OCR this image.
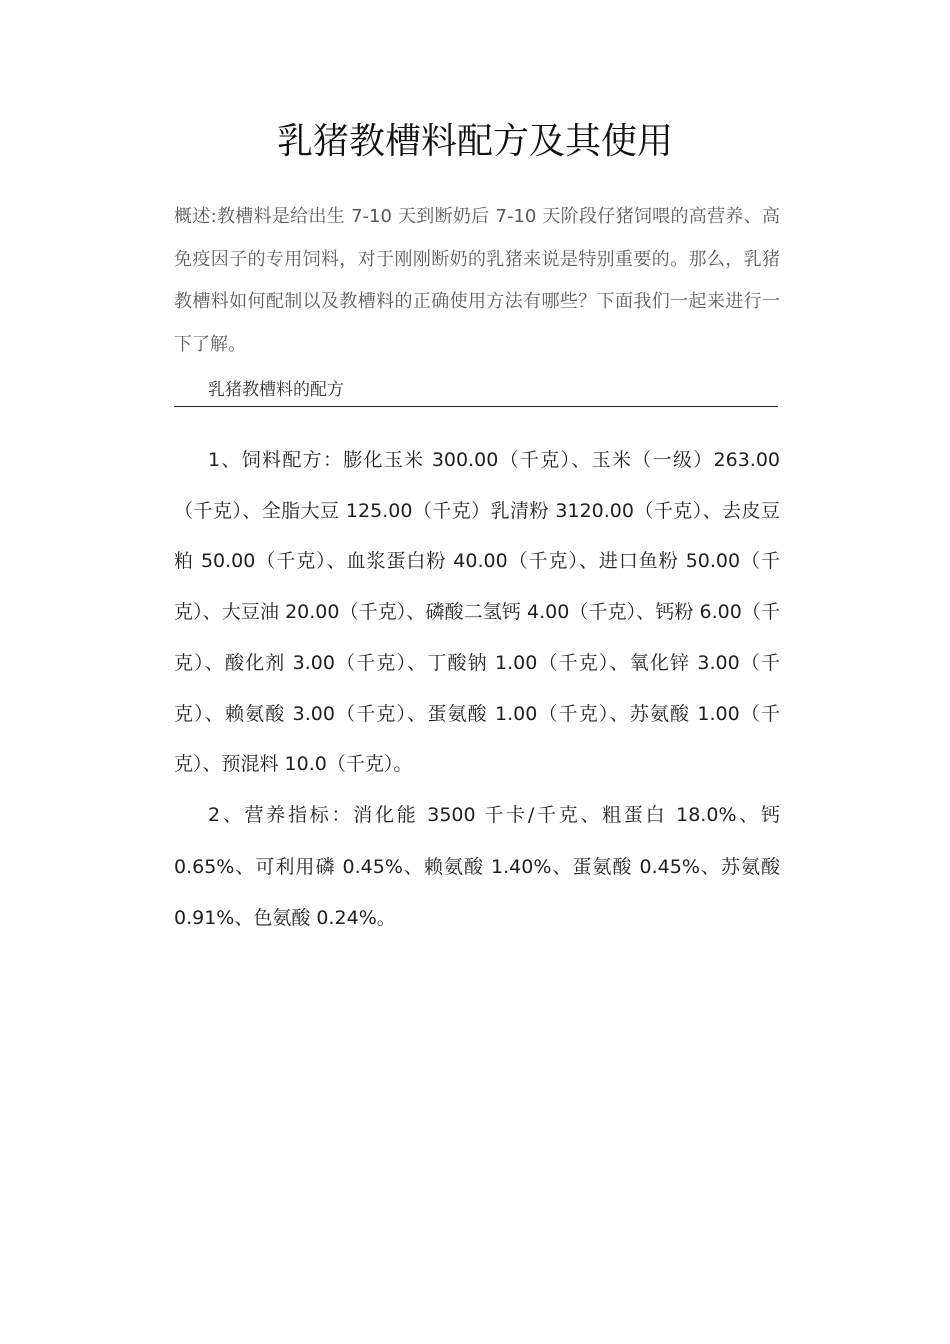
乳猪教槽料配方及其使用

概述:教槽料是给出生 7-10 天到断奶后 7-10 天阶段仔猪饲喂的高营养、高免疫因子的专用饲料，对于刚刚断奶的乳猪来说是特别重要的。那么，乳猪教槽料如何配制以及教槽料的正确使用方法有哪些？下面我们一起来进行一下了解。

乳猪教槽料的配方

1、饲料配方：膨化玉米 300.00（千克）、玉米（一级）263.00（千克）、全脂大豆 125.00（千克）乳清粉 3120.00（千克）、去皮豆粕 50.00（千克）、血浆蛋白粉 40.00（千克）、进口鱼粉 50.00（千克）、大豆油 20.00（千克）、磷酸二氢钙 4.00（千克）、钙粉 6.00（千克）、酸化剂 3.00（千克）、丁酸钠 1.00（千克）、氧化锌 3.00（千克）、赖氨酸 3.00（千克）、蛋氨酸 1.00（千克）、苏氨酸 1.00（千克）、预混料 10.0（千克）。

2、营养指标：消化能 3500 千卡/千克、粗蛋白 18.0%、钙 0.65%、可利用磷 0.45%、赖氨酸 1.40%、蛋氨酸 0.45%、苏氨酸 0.91%、色氨酸 0.24%。
